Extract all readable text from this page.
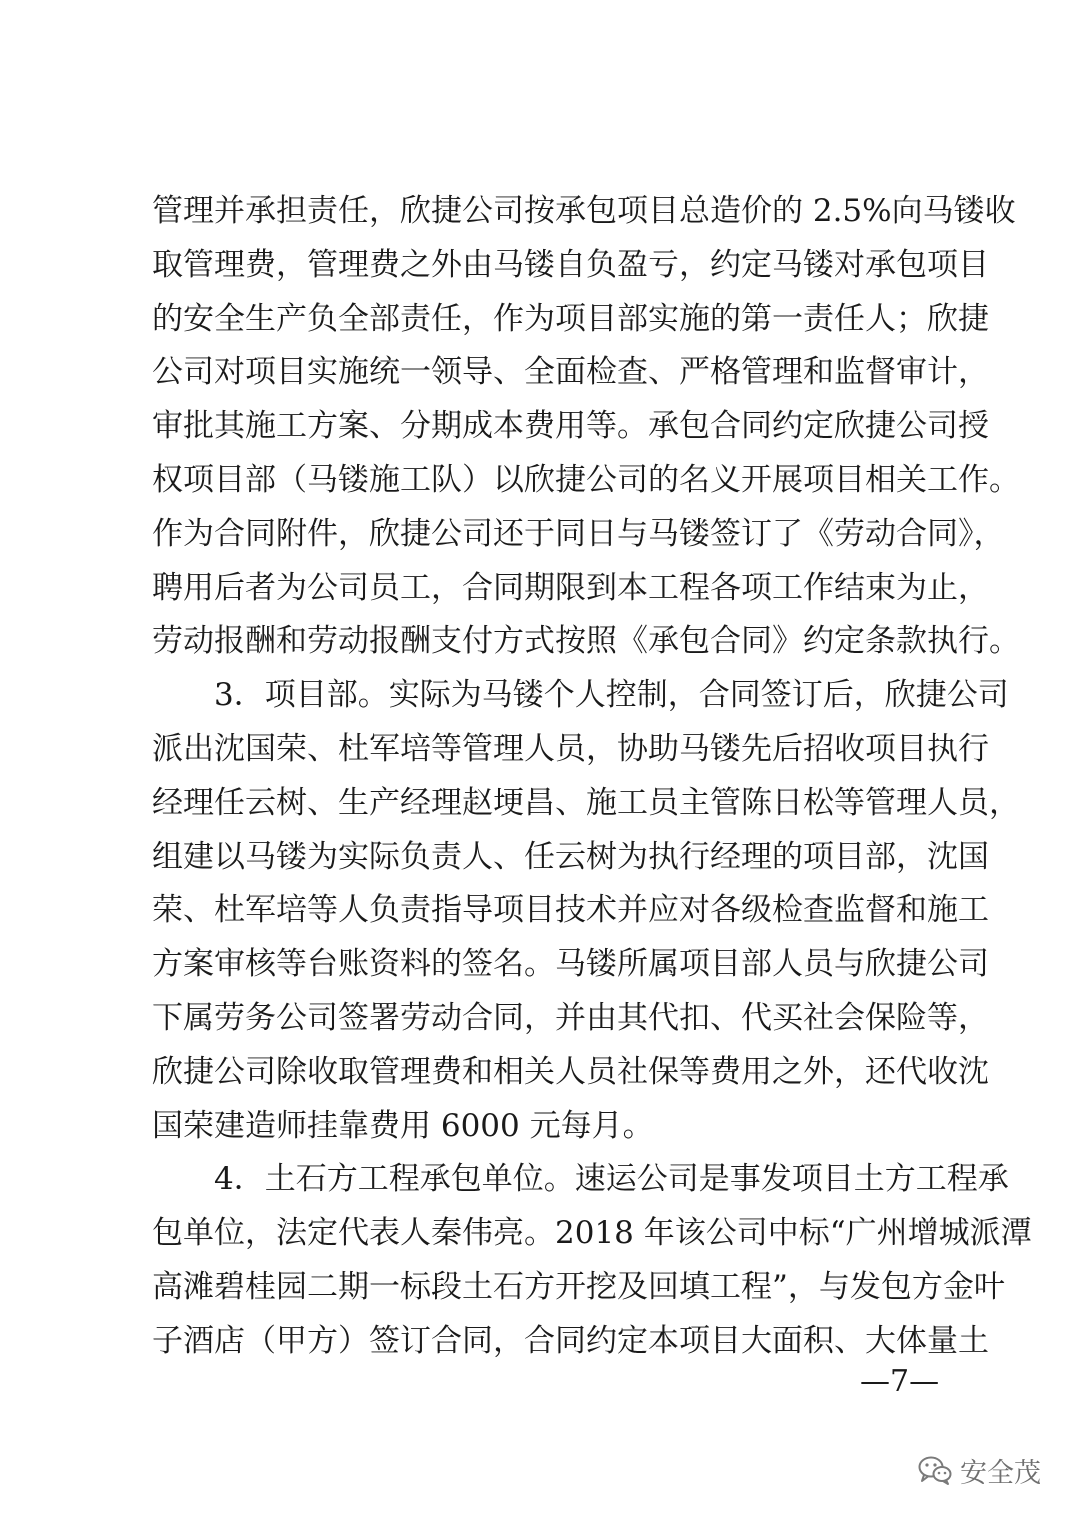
管理并承担责任，欣捷公司按承包项目总造价的 2.5%向马镂收
取管理费，管理费之外由马镂自负盈亏，约定马镂对承包项目
的安全生产负全部责任，作为项目部实施的第一责任人；欣捷
公司对项目实施统一领导、全面检查、严格管理和监督审计，
审批其施工方案、分期成本费用等。承包合同约定欣捷公司授
权项目部（马镂施工队）以欣捷公司的名义开展项目相关工作。
作为合同附件，欣捷公司还于同日与马镂签订了《劳动合同》，
聘用后者为公司员工，合同期限到本工程各项工作结束为止，
劳动报酬和劳动报酬支付方式按照《承包合同》约定条款执行。
3．项目部。实际为马镂个人控制，合同签订后，欣捷公司
派出沈国荣、杜军培等管理人员，协助马镂先后招收项目执行
经理任云树、生产经理赵埂昌、施工员主管陈日松等管理人员，
组建以马镂为实际负责人、任云树为执行经理的项目部，沈国
荣、杜军培等人负责指导项目技术并应对各级检查监督和施工
方案审核等台账资料的签名。马镂所属项目部人员与欣捷公司
下属劳务公司签署劳动合同，并由其代扣、代买社会保险等，
欣捷公司除收取管理费和相关人员社保等费用之外，还代收沈
国荣建造师挂靠费用 6000 元每月。
4．土石方工程承包单位。速运公司是事发项目土方工程承
包单位，法定代表人秦伟亮。2018 年该公司中标“广州增城派潭
高滩碧桂园二期一标段土石方开挖及回填工程”，与发包方金叶
子酒店（甲方）签订合同，合同约定本项目大面积、大体量土
—7—
安全茂
